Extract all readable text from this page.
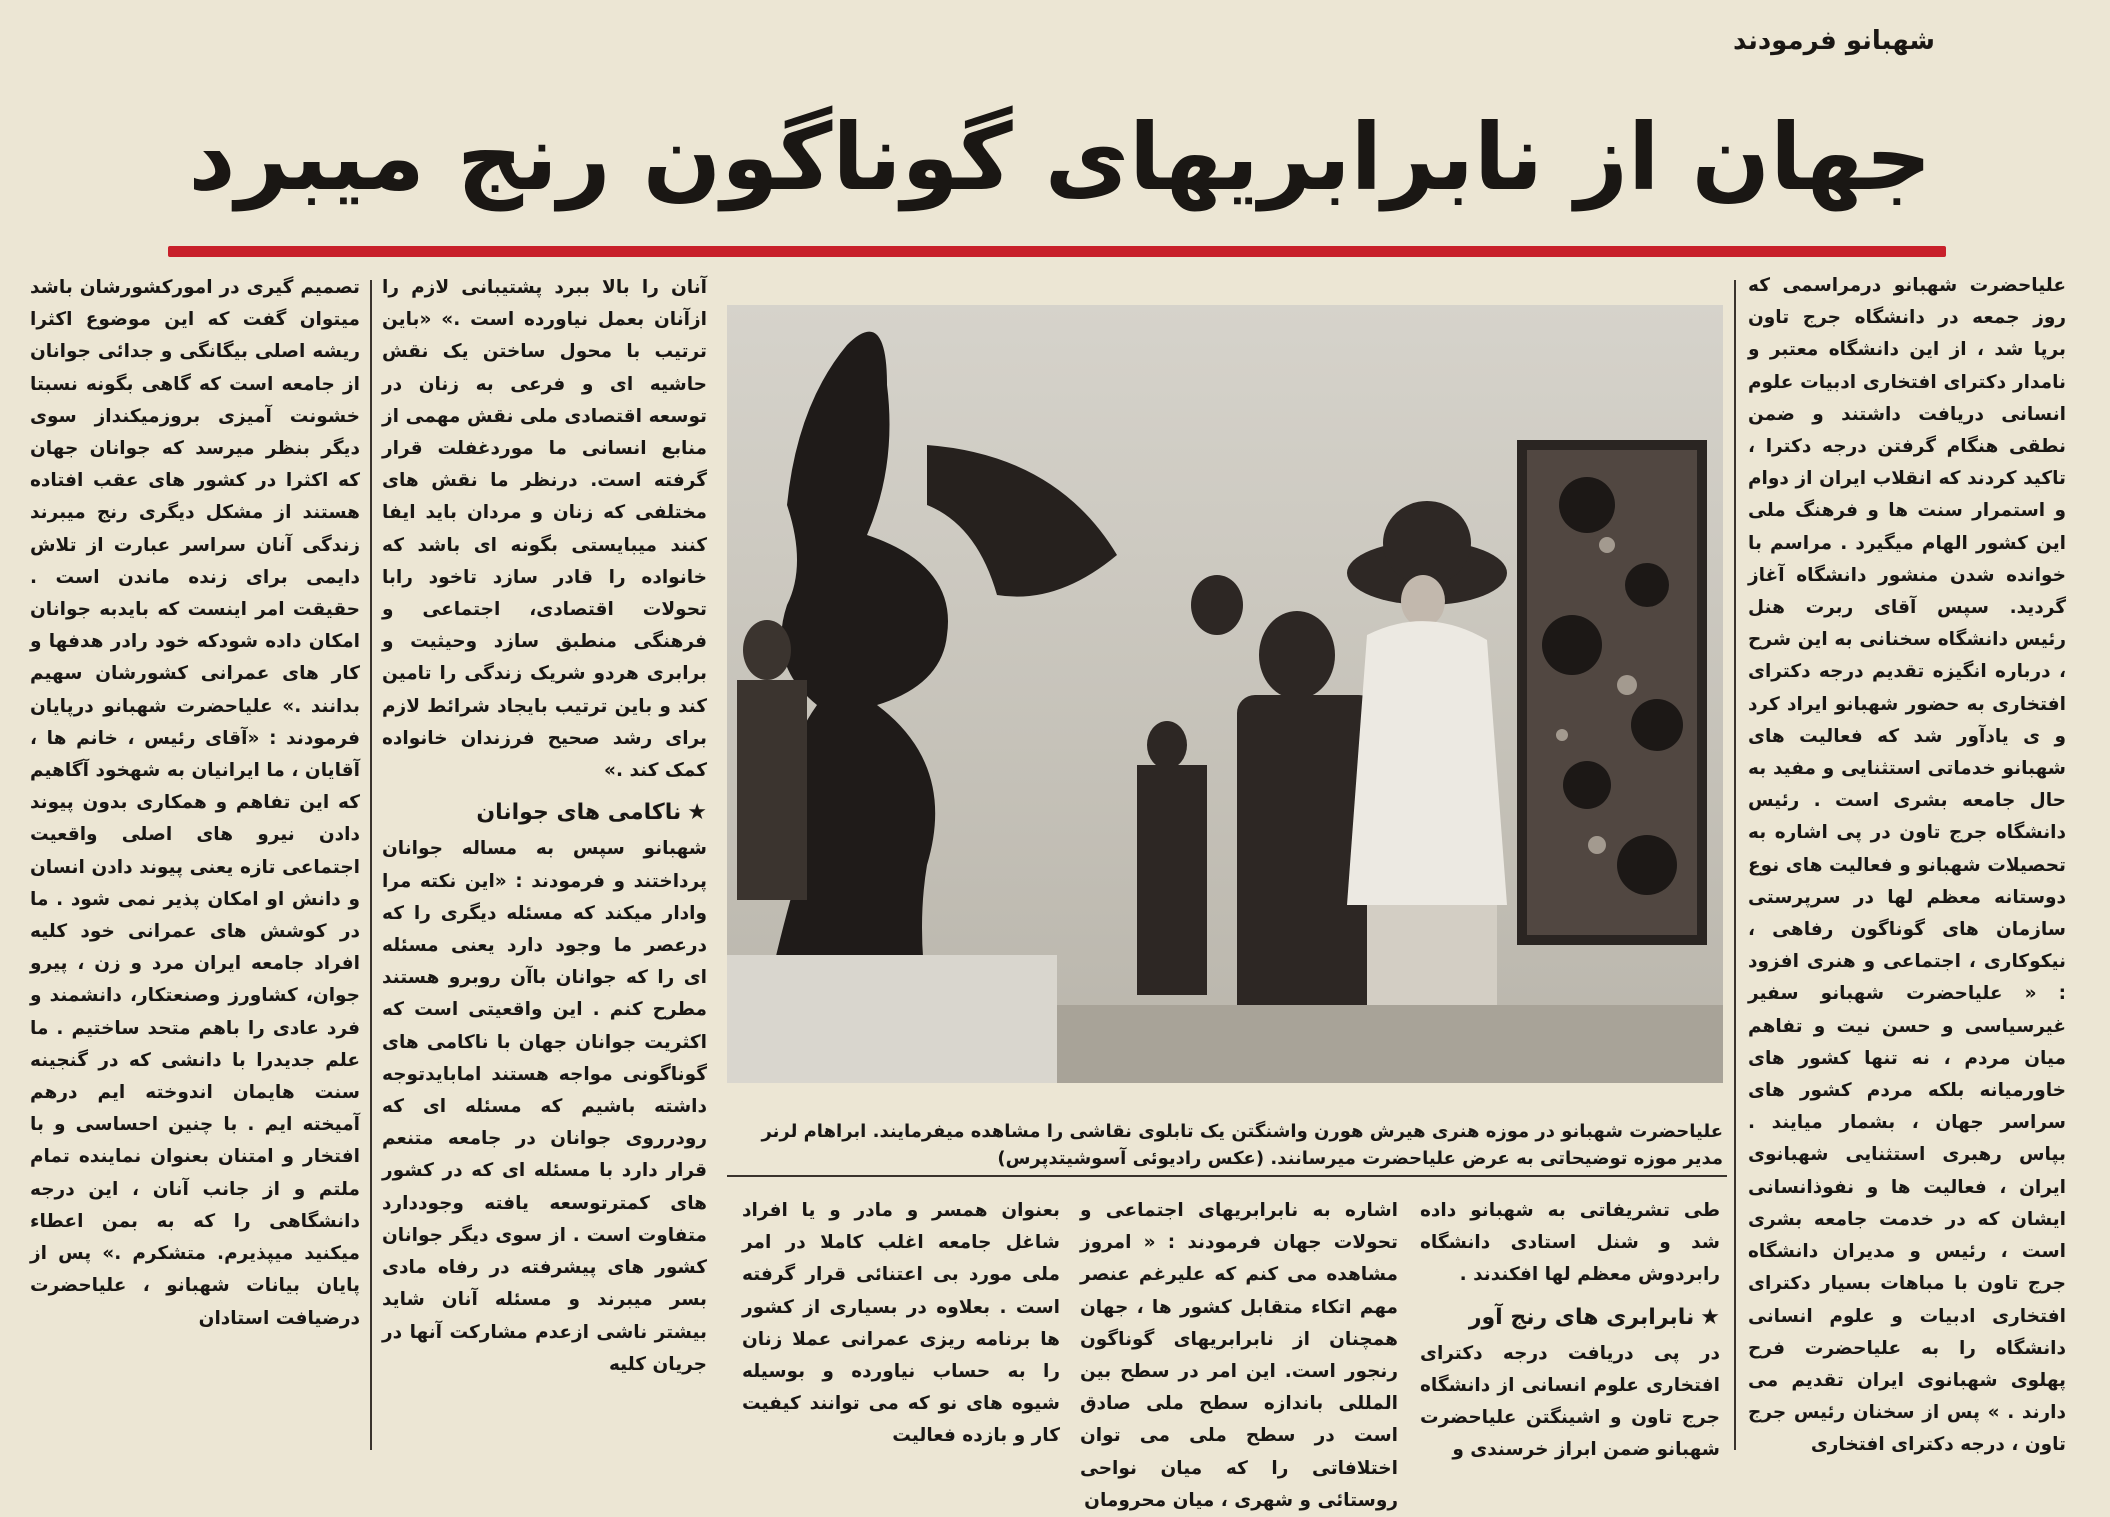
شهبانو فرمودند
جهان از نابرابریهای گوناگون رنج میبرد

علیاحضرت شهبانو درمراسمی که روز جمعه در دانشگاه جرج تاون برپا شد ، از این دانشگاه معتبر و نامدار دکترای افتخاری ادبیات علوم انسانی دریافت داشتند و ضمن نطقی هنگام گرفتن درجه دکترا ، تاکید کردند که انقلاب ایران از دوام و استمرار سنت ها و فرهنگ ملی این کشور الهام میگیرد . مراسم با خوانده شدن منشور دانشگاه آغاز گردید. سپس آقای ربرت هنل رئیس دانشگاه سخنانی به این شرح ، درباره انگیزه تقدیم درجه دکترای افتخاری به حضور شهبانو ایراد کرد و ی یادآور شد که فعالیت های شهبانو خدماتی استثنایی و مفید به حال جامعه بشری است . رئیس دانشگاه جرج تاون در پی اشاره به تحصیلات شهبانو و فعالیت های نوع دوستانه معظم لها در سرپرستی سازمان های گوناگون رفاهی ، نیکوکاری ، اجتماعی و هنری افزود : « علیاحضرت شهبانو سفیر غیرسیاسی و حسن نیت و تفاهم میان مردم ، نه تنها کشور های خاورمیانه بلکه مردم کشور های سراسر جهان ، بشمار میایند . بپاس رهبری استثنایی شهبانوی ایران ، فعالیت ها و نفوذانسانی ایشان که در خدمت جامعه بشری است ، رئیس و مدیران دانشگاه جرج تاون با مباهات بسیار دکترای افتخاری ادبیات و علوم انسانی دانشگاه را به علیاحضرت فرح پهلوی شهبانوی ایران تقدیم می دارند . » پس از سخنان رئیس جرج تاون ، درجه دکترای افتخاری

علیاحضرت شهبانو در موزه هنری هیرش هورن واشنگتن یک تابلوی نقاشی را مشاهده میفرمایند. ابراهام لرنر مدیر موزه توضیحاتی به عرض علیاحضرت میرسانند. (عکس رادیوئی آسوشیتدپرس)

طی تشریفاتی به شهبانو داده شد و شنل استادی دانشگاه رابردوش معظم لها افکندند .

★نابرابری های رنج آور

در پی دریافت درجه دکترای افتخاری علوم انسانی از دانشگاه جرج تاون و اشینگتن علیاحضرت شهبانو ضمن ابراز خرسندی و

اشاره به نابرابریهای اجتماعی و تحولات جهان فرمودند : « امروز مشاهده می کنم که علیرغم عنصر مهم اتکاء متقابل کشور ها ، جهان همچنان از نابرابریهای گوناگون رنجور است. این امر در سطح بین المللی باندازه سطح ملی صادق است در سطح ملی می توان اختلافاتی را که میان نواحی روستائی و شهری ، میان محرومان

بعنوان همسر و مادر و یا افراد شاغل جامعه اغلب کاملا در امر ملی مورد بی اعتنائی قرار گرفته است . بعلاوه در بسیاری از کشور ها برنامه ریزی عمرانی عملا زنان را به حساب نیاورده و بوسیله شیوه های نو که می توانند کیفیت کار و بازده فعالیت

آنان را بالا ببرد پشتیبانی لازم را ازآنان بعمل نیاورده است .» «باین ترتیب با محول ساختن یک نقش حاشیه ای و فرعی به زنان در توسعه اقتصادی ملی نقش مهمی از منابع انسانی ما موردغفلت قرار گرفته است. درنظر ما نقش های مختلفی که زنان و مردان باید ایفا کنند میبایستی بگونه ای باشد که خانواده را قادر سازد تاخود رابا تحولات اقتصادی، اجتماعی و فرهنگی منطبق سازد وحیثیت و برابری هردو شریک زندگی را تامین کند و باین ترتیب بایجاد شرائط لازم برای رشد صحیح فرزندان خانواده کمک کند .»

★ناکامی های جوانان

شهبانو سپس به مساله جوانان پرداختند و فرمودند : «این نکته مرا وادار میکند که مسئله دیگری را که درعصر ما وجود دارد یعنی مسئله ای را که جوانان باآن روبرو هستند مطرح کنم . این واقعیتی است که اکثریت جوانان جهان با ناکامی های گوناگونی مواجه هستند امابایدتوجه داشته باشیم که مسئله ای که رودرروی جوانان در جامعه متنعم قرار دارد با مسئله ای که در کشور های کمترتوسعه یافته وجوددارد متفاوت است . از سوی دیگر جوانان کشور های پیشرفته در رفاه مادی بسر میبرند و مسئله آنان شاید بیشتر ناشی ازعدم مشارکت آنها در جریان کلیه

تصمیم گیری در امورکشورشان باشد میتوان گفت که این موضوع اکثرا ریشه اصلی بیگانگی و جدائی جوانان از جامعه است که گاهی بگونه نسبتا خشونت آمیزی بروزمیکنداز سوی دیگر بنظر میرسد که جوانان جهان که اکثرا در کشور های عقب افتاده هستند از مشکل دیگری رنج میبرند زندگی آنان سراسر عبارت از تلاش دایمی برای زنده ماندن است . حقیقت امر اینست که بایدبه جوانان امکان داده شودکه خود رادر هدفها و کار های عمرانی کشورشان سهیم بدانند .» علیاحضرت شهبانو درپایان فرمودند : «آقای رئیس ، خانم ها ، آقایان ، ما ایرانیان به شهخود آگاهیم که این تفاهم و همکاری بدون پیوند دادن نیرو های اصلی واقعیت اجتماعی تازه یعنی پیوند دادن انسان و دانش او امکان پذیر نمی شود . ما در کوشش های عمرانی خود کلیه افراد جامعه ایران مرد و زن ، پیرو جوان، کشاورز وصنعتکار، دانشمند و فرد عادی را باهم متحد ساختیم . ما علم جدیدرا با دانشی که در گنجینه سنت هایمان اندوخته ایم درهم آمیخته ایم . با چنین احساسی و با افتخار و امتنان بعنوان نماینده تمام ملتم و از جانب آنان ، این درجه دانشگاهی را که به بمن اعطاء میکنید میپذیرم. متشکرم .» پس از پایان بیانات شهبانو ، علیاحضرت درضیافت استادان
